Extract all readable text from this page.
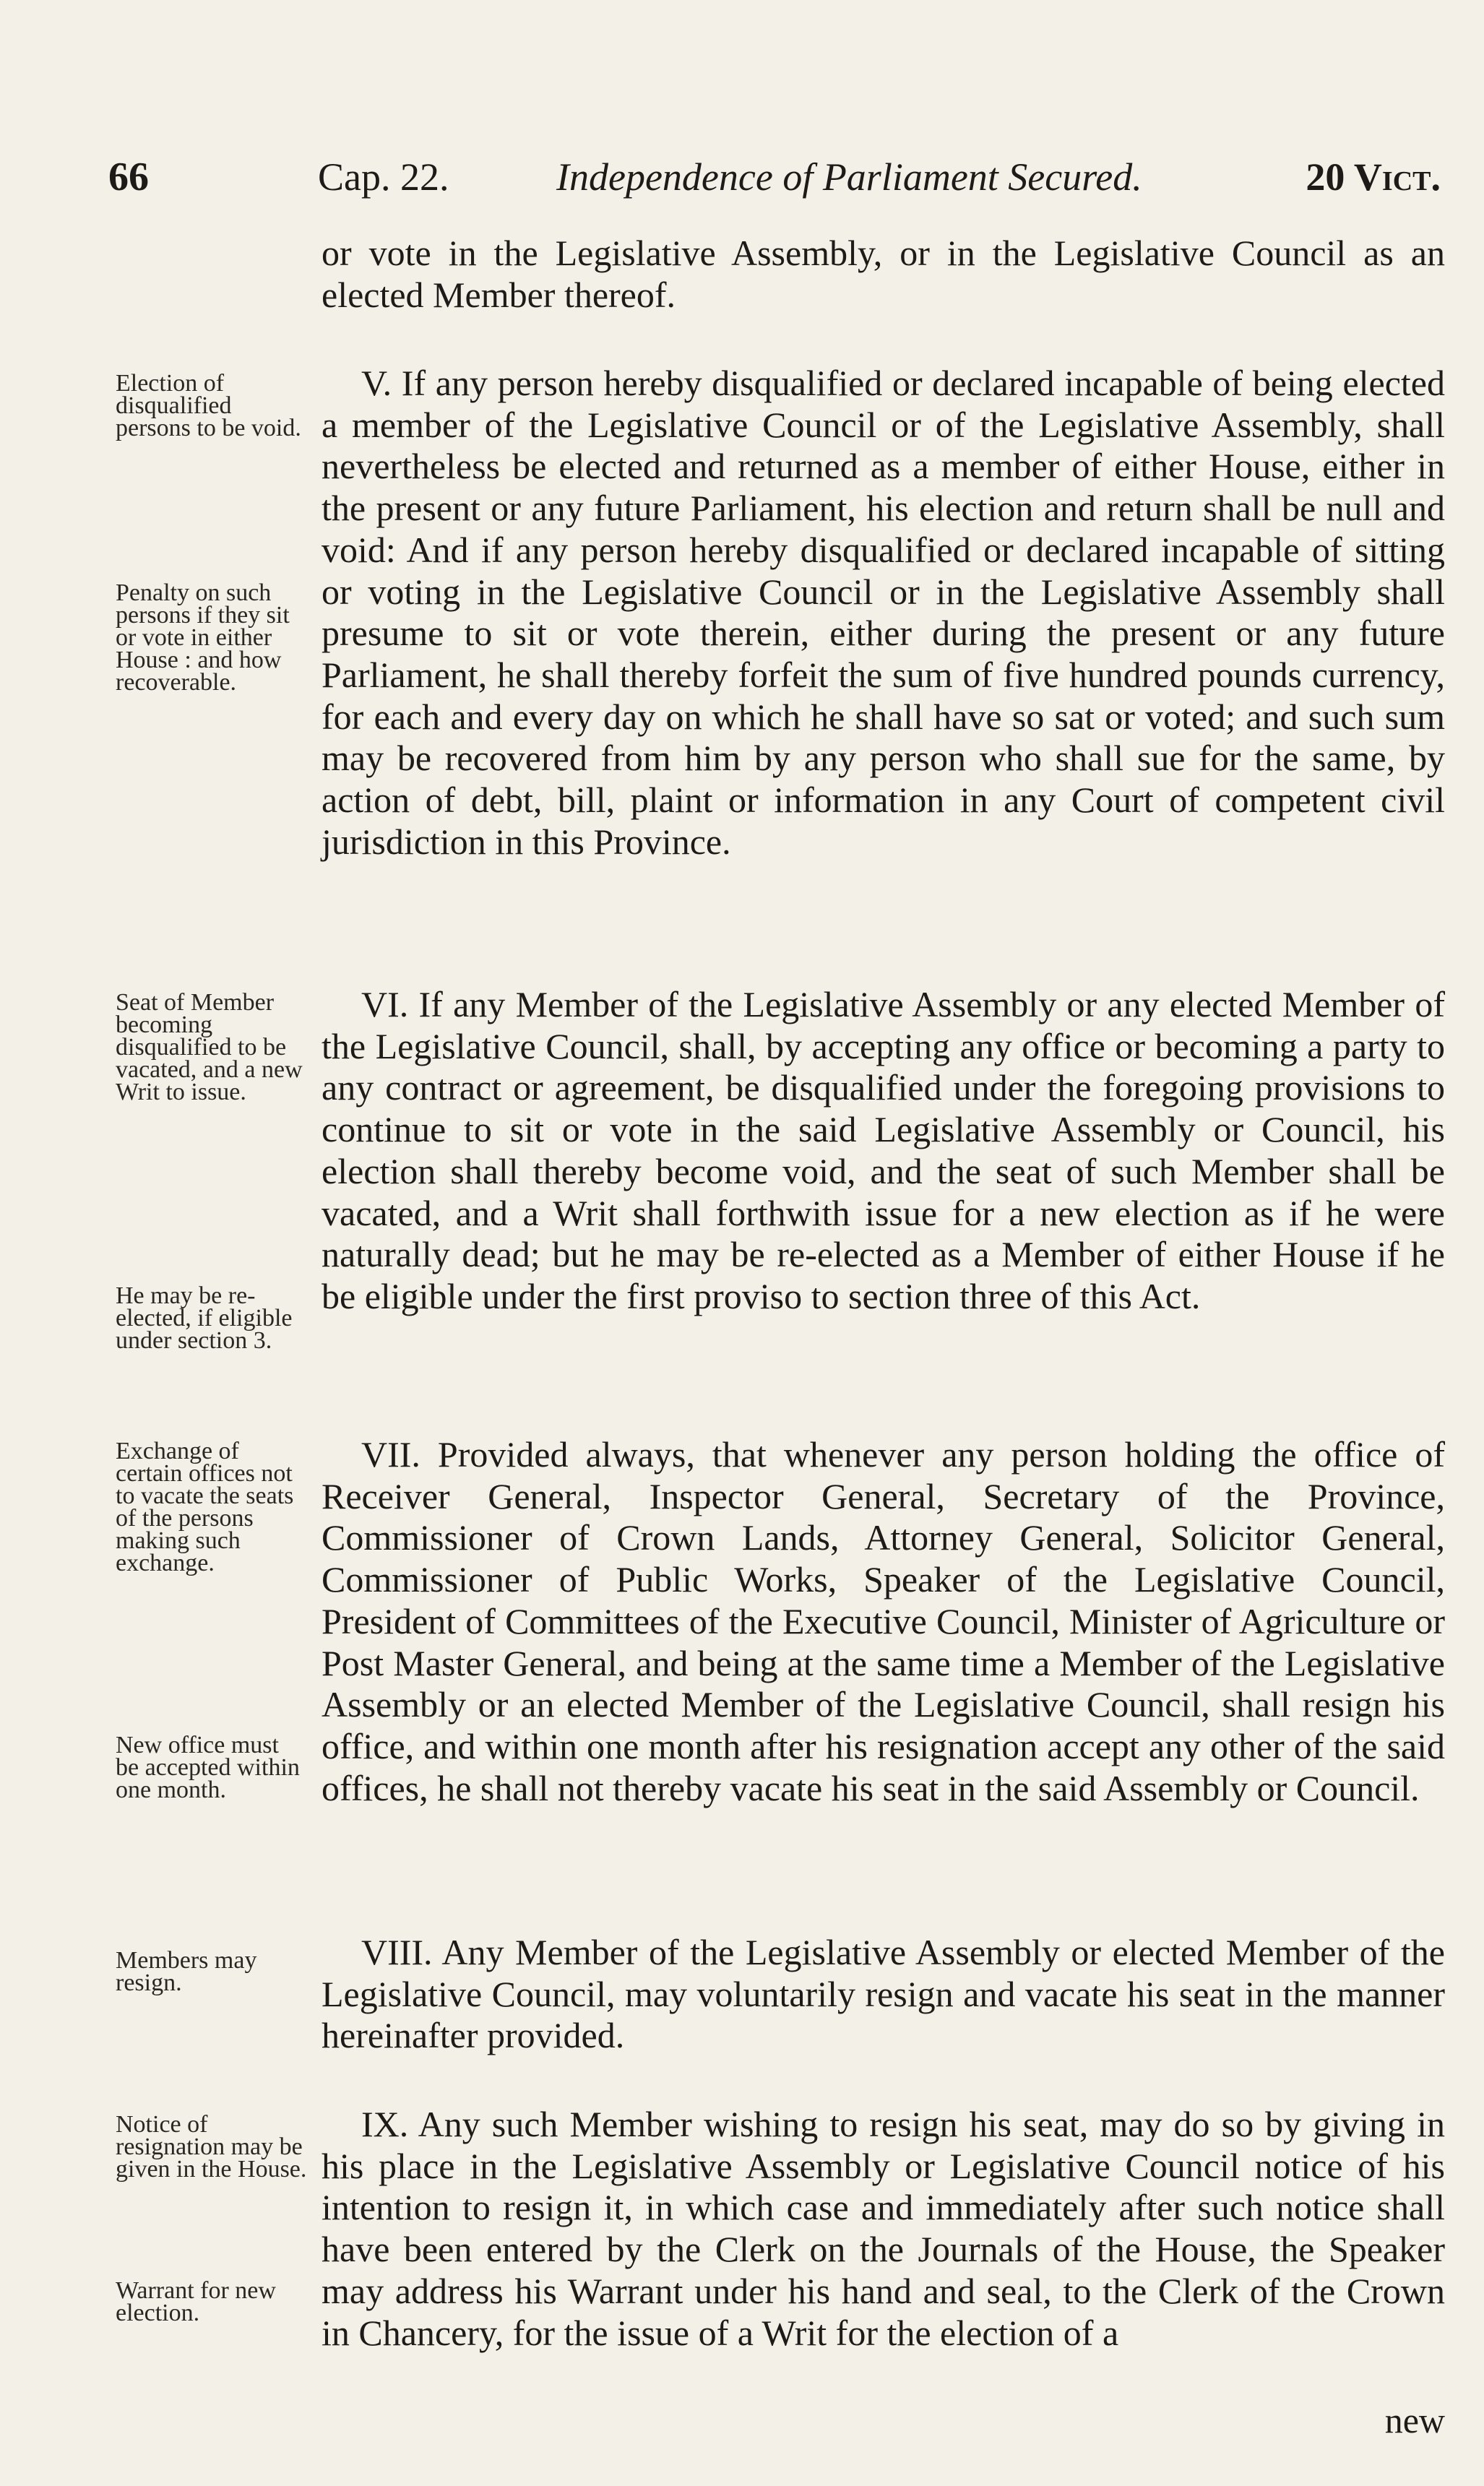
66	Cap. 22.	Independence of Parliament Secured.	20 Vict.

or vote in the Legislative Assembly, or in the Legislative Council as an elected Member thereof.

V. If any person hereby disqualified or declared incapable of being elected a member of the Legislative Council or of the Legislative Assembly, shall nevertheless be elected and returned as a member of either House, either in the present or any future Parliament, his election and return shall be null and void: And if any person hereby disqualified or declared incapable of sitting or voting in the Legislative Council or in the Legislative Assembly shall presume to sit or vote therein, either during the present or any future Parliament, he shall thereby forfeit the sum of five hundred pounds currency, for each and every day on which he shall have so sat or voted; and such sum may be recovered from him by any person who shall sue for the same, by action of debt, bill, plaint or information in any Court of competent civil jurisdiction in this Province.

VI. If any Member of the Legislative Assembly or any elected Member of the Legislative Council, shall, by accepting any office or becoming a party to any contract or agreement, be disqualified under the foregoing provisions to continue to sit or vote in the said Legislative Assembly or Council, his election shall thereby become void, and the seat of such Member shall be vacated, and a Writ shall forthwith issue for a new election as if he were naturally dead; but he may be re-elected as a Member of either House if he be eligible under the first proviso to section three of this Act.

VII. Provided always, that whenever any person holding the office of Receiver General, Inspector General, Secretary of the Province, Commissioner of Crown Lands, Attorney General, Solicitor General, Commissioner of Public Works, Speaker of the Legislative Council, President of Committees of the Executive Council, Minister of Agriculture or Post Master General, and being at the same time a Member of the Legislative Assembly or an elected Member of the Legislative Council, shall resign his office, and within one month after his resignation accept any other of the said offices, he shall not thereby vacate his seat in the said Assembly or Council.

VIII. Any Member of the Legislative Assembly or elected Member of the Legislative Council, may voluntarily resign and vacate his seat in the manner hereinafter provided.

IX. Any such Member wishing to resign his seat, may do so by giving in his place in the Legislative Assembly or Legislative Council notice of his intention to resign it, in which case and immediately after such notice shall have been entered by the Clerk on the Journals of the House, the Speaker may address his Warrant under his hand and seal, to the Clerk of the Crown in Chancery, for the issue of a Writ for the election of a

Election of disqualified persons to be void.
Penalty on such persons if they sit or vote in either House : and how recoverable.
Seat of Member becoming disqualified to be vacated, and a new Writ to issue.
He may be re-elected, if eligible under section 3.
Exchange of certain offices not to vacate the seats of the persons making such exchange.
New office must be accepted within one month.
Members may resign.
Notice of resignation may be given in the House.
Warrant for new election.
new
